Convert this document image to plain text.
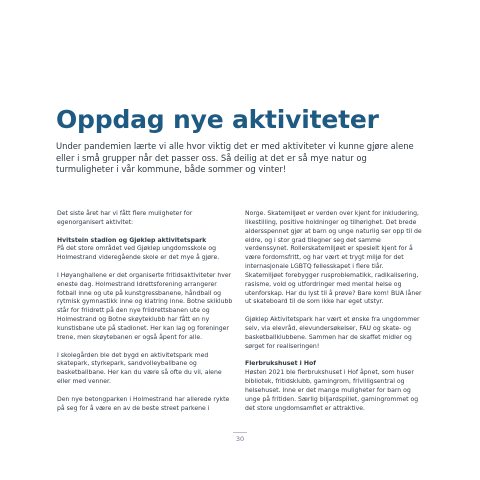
Oppdag nye aktiviteter

Under pandemien lærte vi alle hvor viktig det er med aktiviteter vi kunne gjøre alene eller i små grupper når det passer oss. Så deilig at det er så mye natur og turmuligheter i vår kommune, både sommer og vinter!

Det siste året har vi fått flere muligheter for egenorganisert aktivitet:

Hvitstein stadion og Gjøklep aktivitetspark

På det store området ved Gjøklep ungdomsskole og Holmestrand videregående skole er det mye å gjøre.

I Høyanghallene er det organiserte fritidsaktiviteter hver eneste dag. Holmestrand Idrettsforening arrangerer fotball inne og ute på kunstgressbanene, håndball og rytmisk gymnastikk inne og klatring inne. Botne skiklubb står for friidrett på den nye friidrettsbanen ute og Holmestrand og Botne skøyteklubb har fått en ny kunstisbane ute på stadionet. Her kan lag og foreninger trene, men skøytebanen er også åpent for alle.

I skolegården ble det bygd en aktivitetspark med skatepark, styrkepark, sandvolleyballbane og basketballbane. Her kan du være så ofte du vil, alene eller med venner.

Den nye betongparken i Holmestrand har allerede rykte på seg for å være en av de beste street parkene i

Norge. Skatemiljøet er verden over kjent for inkludering, likestilling, positive holdninger og tilhørighet. Det brede aldersspennet gjør at barn og unge naturlig ser opp til de eldre, og i stor grad tilegner seg det samme verdenssynet. Rollerskatemiljøet er spesielt kjent for å være fordomsfritt, og har vært et trygt miljø for det internasjonale LGBTQ fellesskapet i flere tiår. Skatemiljøet forebygger rusproblematikk, radikalisering, rasisme, vold og utfordringer med mental helse og utenforskap. Har du lyst til å prøve? Bare kom! BUA låner ut skateboard til de som ikke har eget utstyr.

Gjøklep Aktivitetspark har vært et ønske fra ungdommer selv, via elevråd, elevundersøkelser, FAU og skate- og basketballklubbene. Sammen har de skaffet midler og sørget for realiseringen!

Flerbrukshuset i Hof

Høsten 2021 ble flerbrukshuset i Hof åpnet, som huser bibliotek, fritidsklubb, gamingrom, frivilligsentral og helsehuset. Inne er det mange muligheter for barn og unge på fritiden. Særlig biljardspillet, gamingrommet og det store ungdomsamfiet er attraktive.

30
